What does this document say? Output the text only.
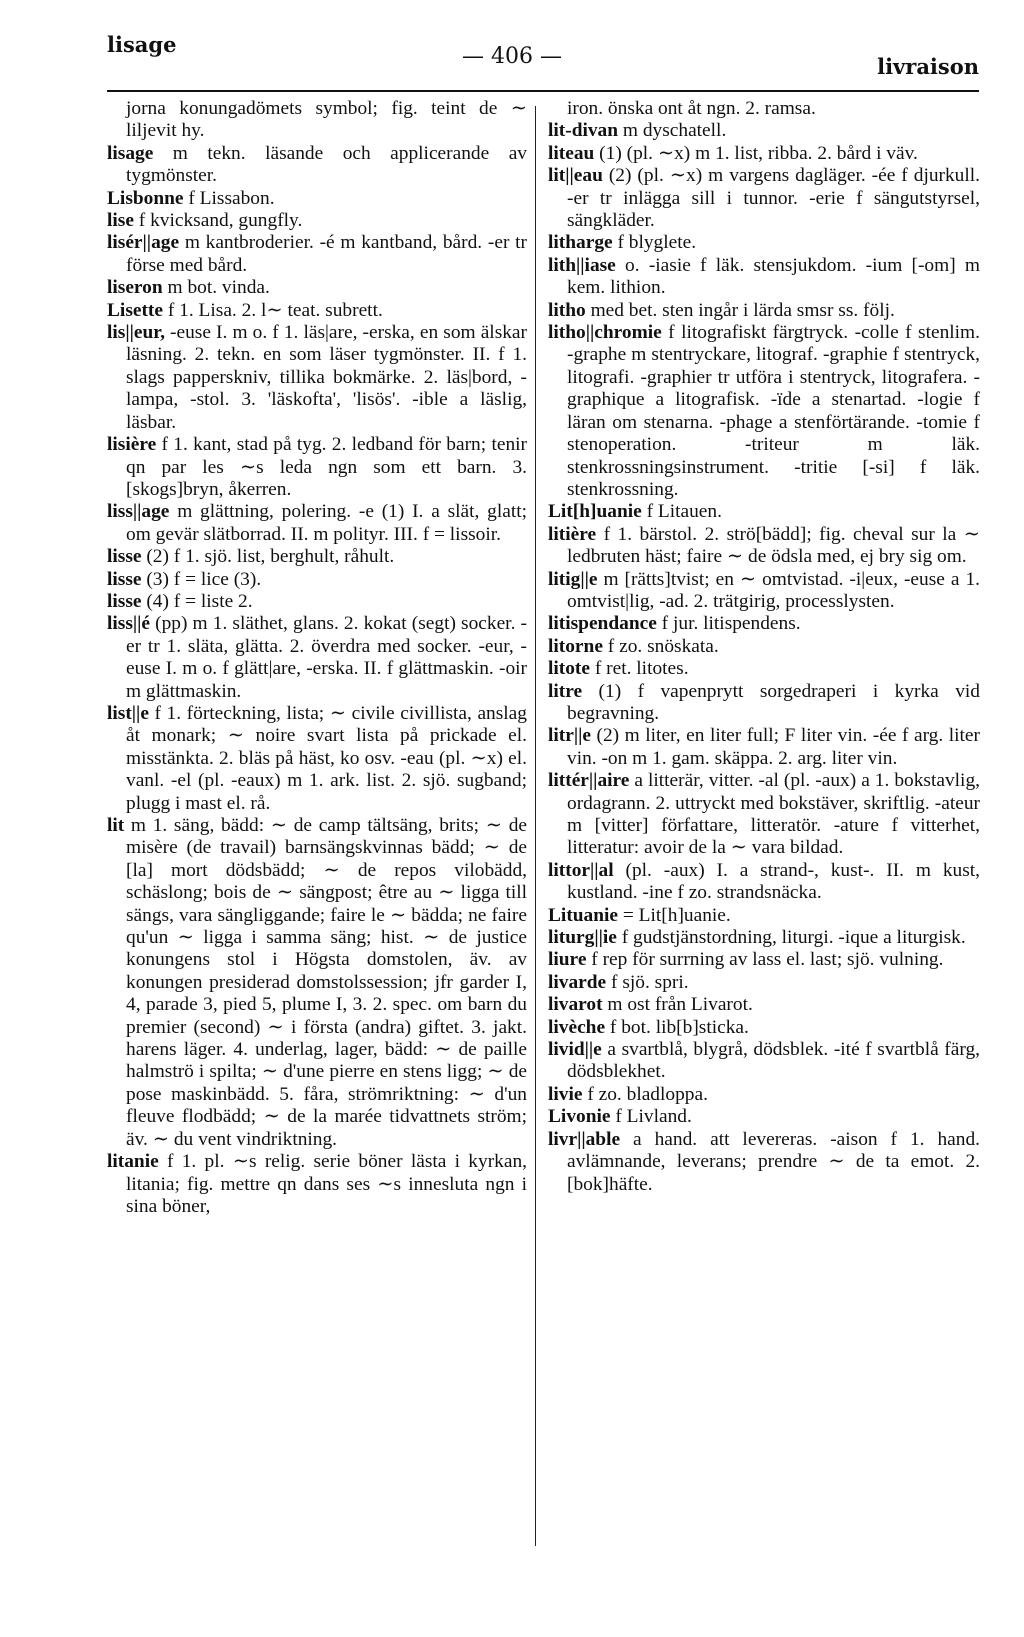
lisage	— 406 —	livraison

jorna konungadömets symbol; fig. teint de ∼ liljevit hy.

lisage m tekn. läsande och applicerande av tygmönster.

Lisbonne f Lissabon.

lise f kvicksand, gungfly.

lisér||age m kantbroderier. -é m kantband, bård. -er tr förse med bård.

liseron m bot. vinda.

Lisette f 1. Lisa. 2. l∼ teat. subrett.

lis||eur, -euse I. m o. f 1. läs|are, -erska, en som älskar läsning. 2. tekn. en som läser tygmönster. II. f 1. slags papperskniv, tillika bokmärke. 2. läs|bord, -lampa, -stol. 3. 'läskofta', 'lisös'. -ible a läslig, läsbar.

lisière f 1. kant, stad på tyg. 2. ledband för barn; tenir qn par les ∼s leda ngn som ett barn. 3. [skogs]bryn, åkerren.

liss||age m glättning, polering. -e (1) I. a slät, glatt; om gevär slätborrad. II. m polityr. III. f = lissoir.

lisse (2) f 1. sjö. list, berghult, råhult.

lisse (3) f = lice (3).

lisse (4) f = liste 2.

liss||é (pp) m 1. släthet, glans. 2. kokat (segt) socker. -er tr 1. släta, glätta. 2. överdra med socker. -eur, -euse I. m o. f glätt|are, -erska. II. f glättmaskin. -oir m glättmaskin.

list||e f 1. förteckning, lista; ∼ civile civillista, anslag åt monark; ∼ noire svart lista på prickade el. misstänkta. 2. bläs på häst, ko osv. -eau (pl. ∼x) el. vanl. -el (pl. -eaux) m 1. ark. list. 2. sjö. sugband; plugg i mast el. rå.

lit m 1. säng, bädd: ∼ de camp tältsäng, brits; ∼ de misère (de travail) barnsängskvinnas bädd; ∼ de [la] mort dödsbädd; ∼ de repos vilobädd, schäslong; bois de ∼ sängpost; être au ∼ ligga till sängs, vara sängliggande; faire le ∼ bädda; ne faire qu'un ∼ ligga i samma säng; hist. ∼ de justice konungens stol i Högsta domstolen, äv. av konungen presiderad domstolssession; jfr garder I, 4, parade 3, pied 5, plume I, 3. 2. spec. om barn du premier (second) ∼ i första (andra) giftet. 3. jakt. harens läger. 4. underlag, lager, bädd: ∼ de paille halmströ i spilta; ∼ d'une pierre en stens ligg; ∼ de pose maskinbädd. 5. fåra, strömriktning: ∼ d'un fleuve flodbädd; ∼ de la marée tidvattnets ström; äv. ∼ du vent vindriktning.

litanie f 1. pl. ∼s relig. serie böner lästa i kyrkan, litania; fig. mettre qn dans ses ∼s innesluta ngn i sina böner,

iron. önska ont åt ngn. 2. ramsa.

lit-divan m dyschatell.

liteau (1) (pl. ∼x) m 1. list, ribba. 2. bård i väv.

lit||eau (2) (pl. ∼x) m vargens dagläger. -ée f djurkull. -er tr inlägga sill i tunnor. -erie f sängutstyrsel, sängkläder.

litharge f blyglete.

lith||iase o. -iasie f läk. stensjukdom. -ium [-om] m kem. lithion.

litho med bet. sten ingår i lärda smsr ss. följ.

litho||chromie f litografiskt färgtryck. -colle f stenlim. -graphe m stentryckare, litograf. -graphie f stentryck, litografi. -graphier tr utföra i stentryck, litografera. -graphique a litografisk. -ïde a stenartad. -logie f läran om stenarna. -phage a stenförtärande. -tomie f stenoperation. -triteur m läk. stenkrossningsinstrument. -tritie [-si] f läk. stenkrossning.

Lit[h]uanie f Litauen.

litière f 1. bärstol. 2. strö[bädd]; fig. cheval sur la ∼ ledbruten häst; faire ∼ de ödsla med, ej bry sig om.

litig||e m [rätts]tvist; en ∼ omtvistad. -i|eux, -euse a 1. omtvist|lig, -ad. 2. trätgirig, processlysten.

litispendance f jur. litispendens.

litorne f zo. snöskata.

litote f ret. litotes.

litre (1) f vapenprytt sorgedraperi i kyrka vid begravning.

litr||e (2) m liter, en liter full; F liter vin. -ée f arg. liter vin. -on m 1. gam. skäppa. 2. arg. liter vin.

littér||aire a litterär, vitter. -al (pl. -aux) a 1. bokstavlig, ordagrann. 2. uttryckt med bokstäver, skriftlig. -ateur m [vitter] författare, litteratör. -ature f vitterhet, litteratur: avoir de la ∼ vara bildad.

littor||al (pl. -aux) I. a strand-, kust-. II. m kust, kustland. -ine f zo. strandsnäcka.

Lituanie = Lit[h]uanie.

liturg||ie f gudstjänstordning, liturgi. -ique a liturgisk.

liure f rep för surrning av lass el. last; sjö. vulning.

livarde f sjö. spri.

livarot m ost från Livarot.

livèche f bot. lib[b]sticka.

livid||e a svartblå, blygrå, dödsblek. -ité f svartblå färg, dödsblekhet.

livie f zo. bladloppa.

Livonie f Livland.

livr||able a hand. att levereras. -aison f 1. hand. avlämnande, leverans; prendre ∼ de ta emot. 2. [bok]häfte.
